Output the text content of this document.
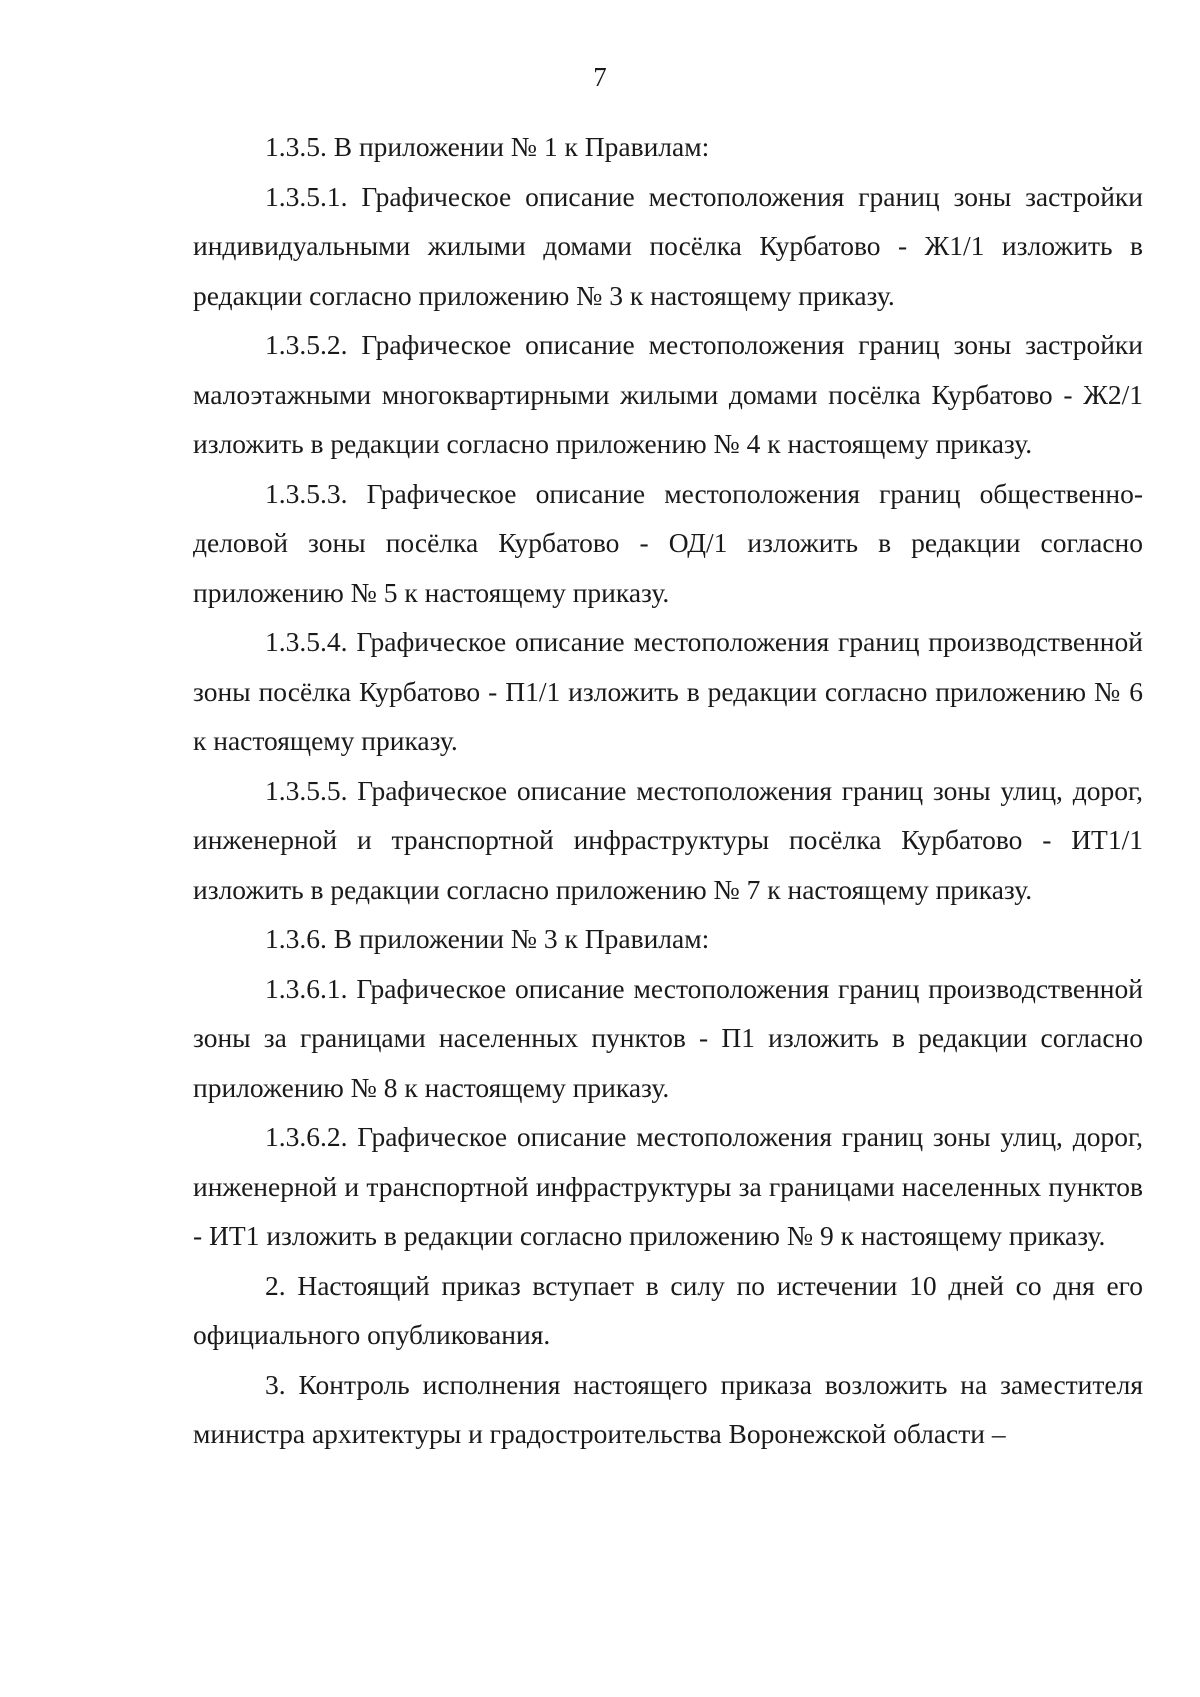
7

1.3.5. В приложении № 1 к Правилам:

1.3.5.1. Графическое описание местоположения границ зоны застройки индивидуальными жилыми домами посёлка Курбатово - Ж1/1 изложить в редакции согласно приложению № 3 к настоящему приказу.

1.3.5.2. Графическое описание местоположения границ зоны застройки малоэтажными многоквартирными жилыми домами посёлка Курбатово - Ж2/1 изложить в редакции согласно приложению № 4 к настоящему приказу.

1.3.5.3. Графическое описание местоположения границ общественно-деловой зоны посёлка Курбатово - ОД/1 изложить в редакции согласно приложению № 5 к настоящему приказу.

1.3.5.4. Графическое описание местоположения границ производственной зоны посёлка Курбатово - П1/1 изложить в редакции согласно приложению № 6 к настоящему приказу.

1.3.5.5. Графическое описание местоположения границ зоны улиц, дорог, инженерной и транспортной инфраструктуры посёлка Курбатово - ИТ1/1 изложить в редакции согласно приложению № 7 к настоящему приказу.

1.3.6. В приложении № 3 к Правилам:

1.3.6.1. Графическое описание местоположения границ производственной зоны за границами населенных пунктов - П1 изложить в редакции согласно приложению № 8 к настоящему приказу.

1.3.6.2. Графическое описание местоположения границ зоны улиц, дорог, инженерной и транспортной инфраструктуры за границами населенных пунктов - ИТ1 изложить в редакции согласно приложению № 9 к настоящему приказу.

2. Настоящий приказ вступает в силу по истечении 10 дней со дня его официального опубликования.

3. Контроль исполнения настоящего приказа возложить на заместителя министра архитектуры и градостроительства Воронежской области –
